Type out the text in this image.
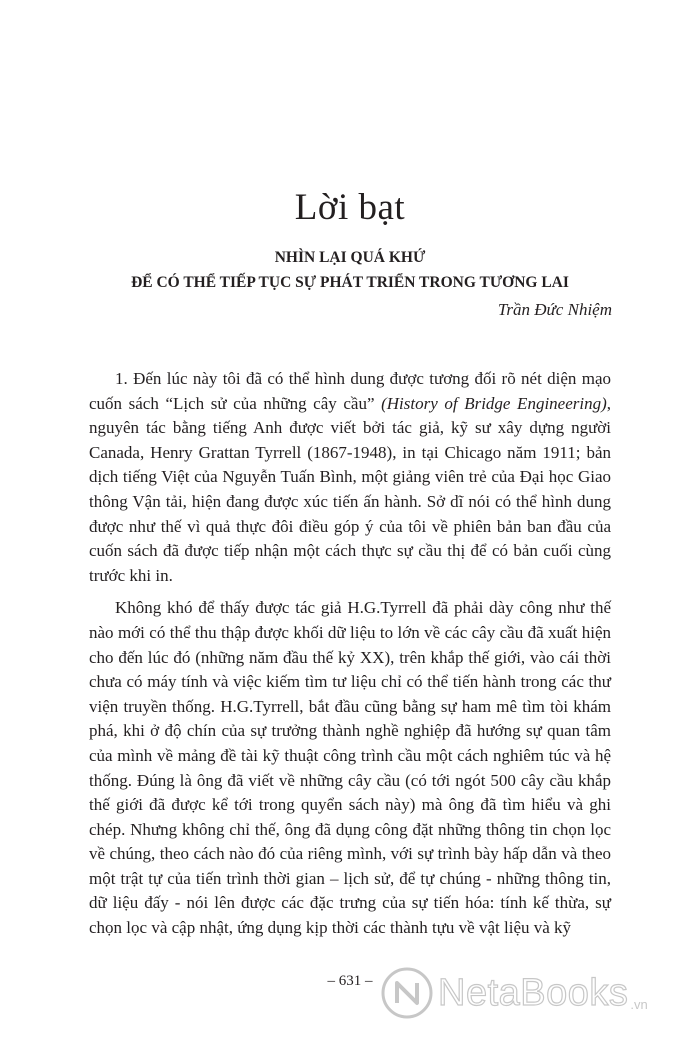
Lời bạt
NHÌN LẠI QUÁ KHỨ
ĐỂ CÓ THỂ TIẾP TỤC SỰ PHÁT TRIỂN TRONG TƯƠNG LAI

Trần Đức Nhiệm

1. Đến lúc này tôi đã có thể hình dung được tương đối rõ nét diện mạo cuốn sách “Lịch sử của những cây cầu” (History of Bridge Engineering), nguyên tác bằng tiếng Anh được viết bởi tác giả, kỹ sư xây dựng người Canada, Henry Grattan Tyrrell (1867-1948), in tại Chicago năm 1911; bản dịch tiếng Việt của Nguyễn Tuấn Bình, một giảng viên trẻ của Đại học Giao thông Vận tải, hiện đang được xúc tiến ấn hành. Sở dĩ nói có thể hình dung được như thế vì quả thực đôi điều góp ý của tôi về phiên bản ban đầu của cuốn sách đã được tiếp nhận một cách thực sự cầu thị để có bản cuối cùng trước khi in.

Không khó để thấy được tác giả H.G.Tyrrell đã phải dày công như thế nào mới có thể thu thập được khối dữ liệu to lớn về các cây cầu đã xuất hiện cho đến lúc đó (những năm đầu thế kỷ XX), trên khắp thế giới, vào cái thời chưa có máy tính và việc kiếm tìm tư liệu chỉ có thể tiến hành trong các thư viện truyền thống. H.G.Tyrrell, bắt đầu cũng bằng sự ham mê tìm tòi khám phá, khi ở độ chín của sự trưởng thành nghề nghiệp đã hướng sự quan tâm của mình về mảng đề tài kỹ thuật công trình cầu một cách nghiêm túc và hệ thống. Đúng là ông đã viết về những cây cầu (có tới ngót 500 cây cầu khắp thế giới đã được kể tới trong quyển sách này) mà ông đã tìm hiểu và ghi chép. Nhưng không chỉ thế, ông đã dụng công đặt những thông tin chọn lọc về chúng, theo cách nào đó của riêng mình, với sự trình bày hấp dẫn và theo một trật tự của tiến trình thời gian – lịch sử, để tự chúng - những thông tin, dữ liệu đấy - nói lên được các đặc trưng của sự tiến hóa: tính kế thừa, sự chọn lọc và cập nhật, ứng dụng kịp thời các thành tựu về vật liệu và kỹ

– 631 –	NetaBooks .vn
